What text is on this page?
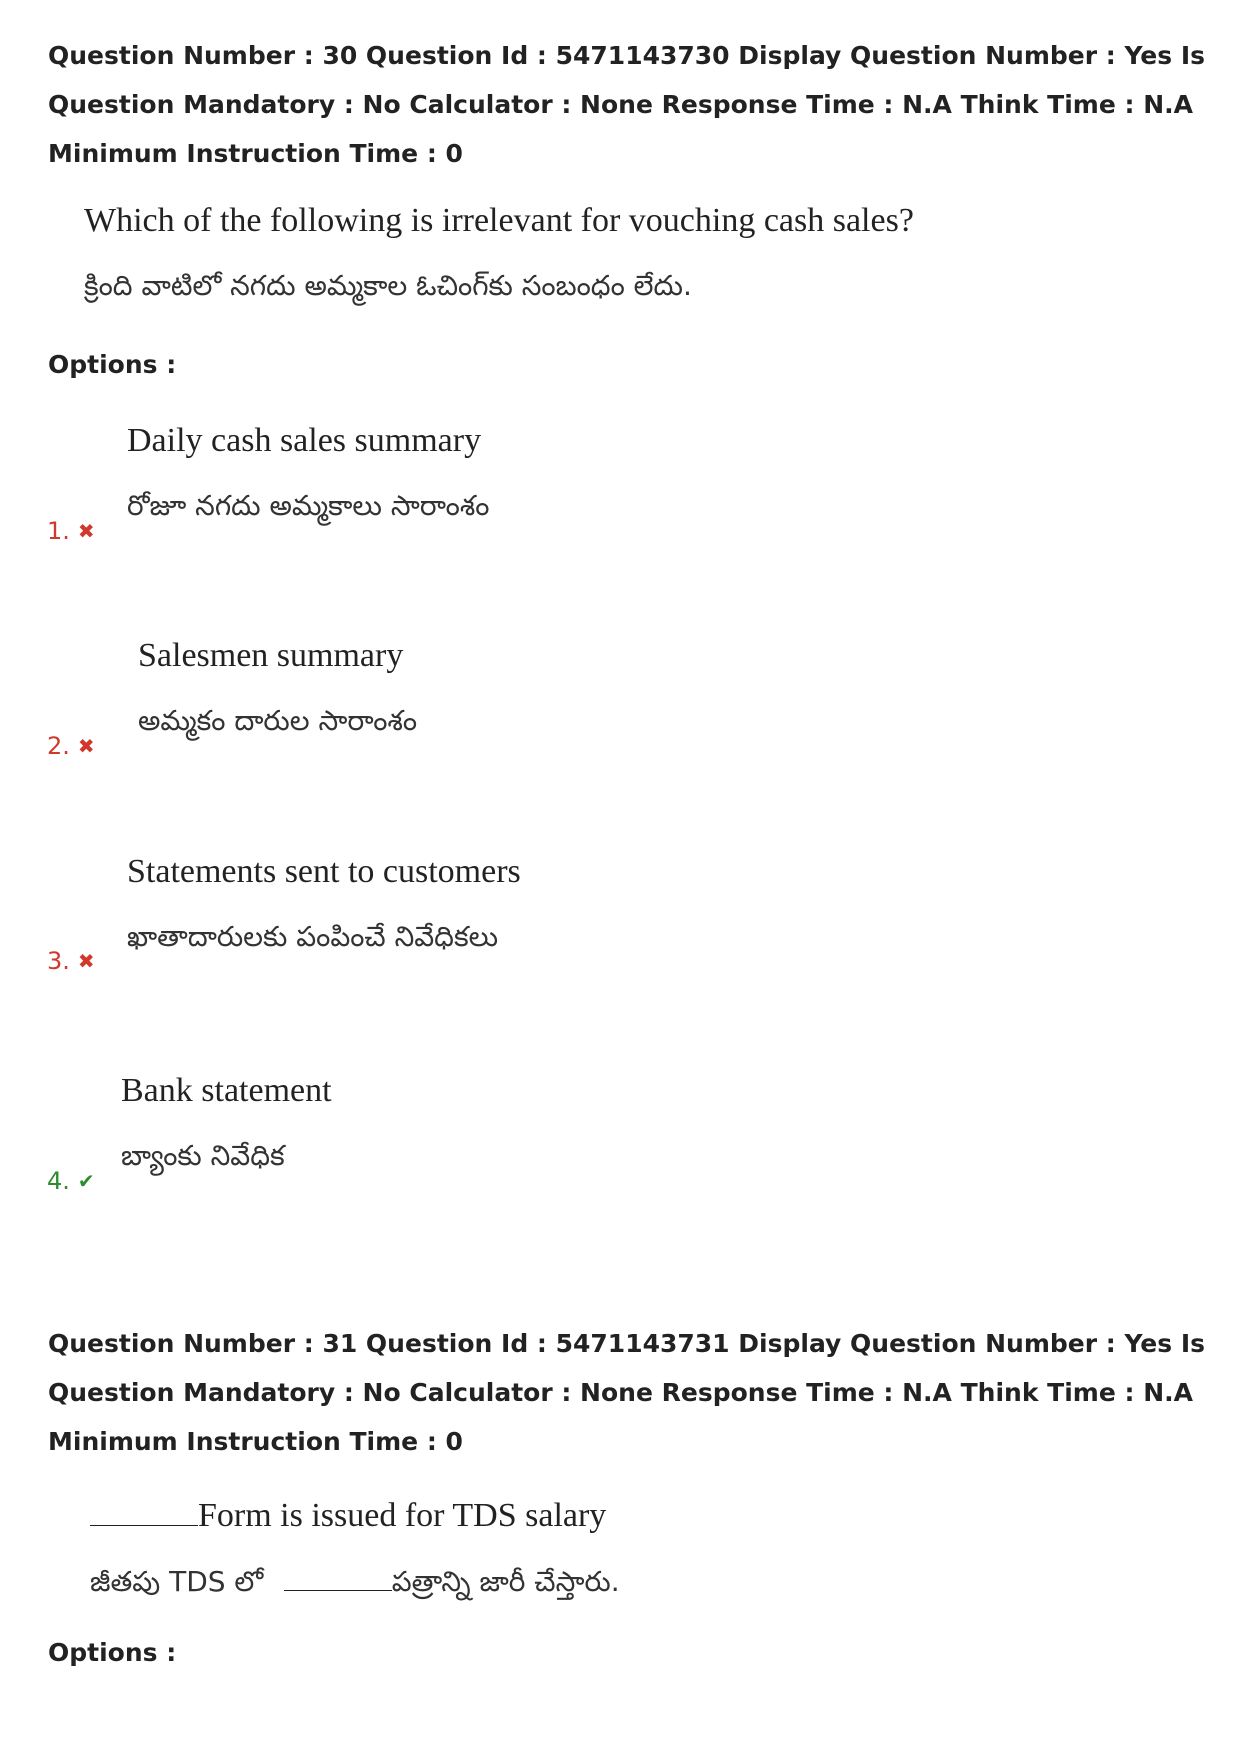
Question Number : 30 Question Id : 5471143730 Display Question Number : Yes Is Question Mandatory : No Calculator : None Response Time : N.A Think Time : N.A Minimum Instruction Time : 0
Which of the following is irrelevant for vouching cash sales?
క్రింది వాటిలో నగదు అమ్మకాల ఓచింగ్‌కు సంబంధం లేదు.
Options :
Daily cash sales summary
రోజూ నగదు అమ్మకాలు సారాంశం
1. ✖
Salesmen summary
అమ్మకం దారుల సారాంశం
2. ✖
Statements sent to customers
ఖాతాదారులకు పంపించే నివేధికలు
3. ✖
Bank statement
బ్యాంకు నివేధిక
4. ✔
Question Number : 31 Question Id : 5471143731 Display Question Number : Yes Is Question Mandatory : No Calculator : None Response Time : N.A Think Time : N.A Minimum Instruction Time : 0
Form is issued for TDS salary
జీతపు TDS లో	పత్రాన్ని జారీ చేస్తారు.
Options :
